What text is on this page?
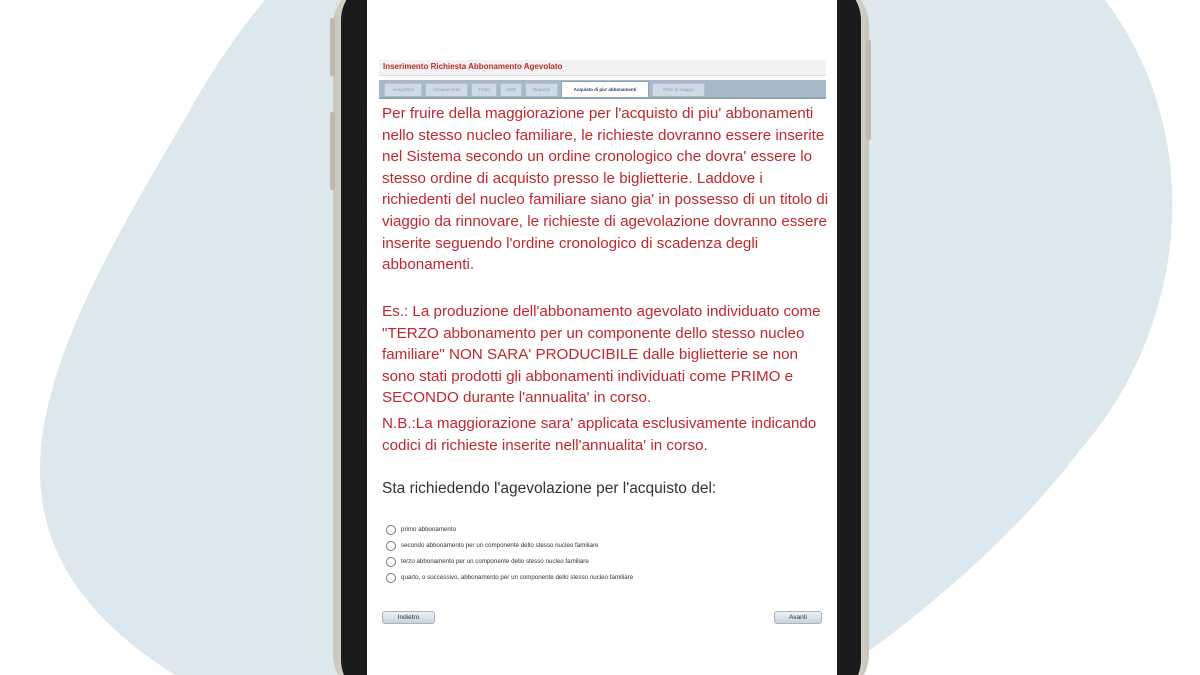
Inserimento Richiesta Abbonamento Agevolato
Anagrafica	Abbonamento	Tratta	ISEE	Requisiti	Acquisto di piu' abbonamenti	Titolo di Viaggio

Per fruire della maggiorazione per l'acquisto di piu' abbonamenti nello stesso nucleo familiare, le richieste dovranno essere inserite nel Sistema secondo un ordine cronologico che dovra' essere lo stesso ordine di acquisto presso le biglietterie. Laddove i richiedenti del nucleo familiare siano gia' in possesso di un titolo di viaggio da rinnovare, le richieste di agevolazione dovranno essere inserite seguendo l'ordine cronologico di scadenza degli abbonamenti.

Es.: La produzione dell'abbonamento agevolato individuato come "TERZO abbonamento per un componente dello stesso nucleo familiare" NON SARA' PRODUCIBILE dalle biglietterie se non sono stati prodotti gli abbonamenti individuati come PRIMO e SECONDO durante l'annualita' in corso.

N.B.:La maggiorazione sara' applicata esclusivamente indicando codici di richieste inserite nell'annualita' in corso.

Sta richiedendo l'agevolazione per l'acquisto del:
primo abbonamento
secondo abbonamento per un componente dello stesso nucleo familiare
terzo abbonamento per un componente dello stesso nucleo familiare
quarto, o successivo, abbonamento per un componente dello stesso nucleo familiare
Indietro	Avanti
